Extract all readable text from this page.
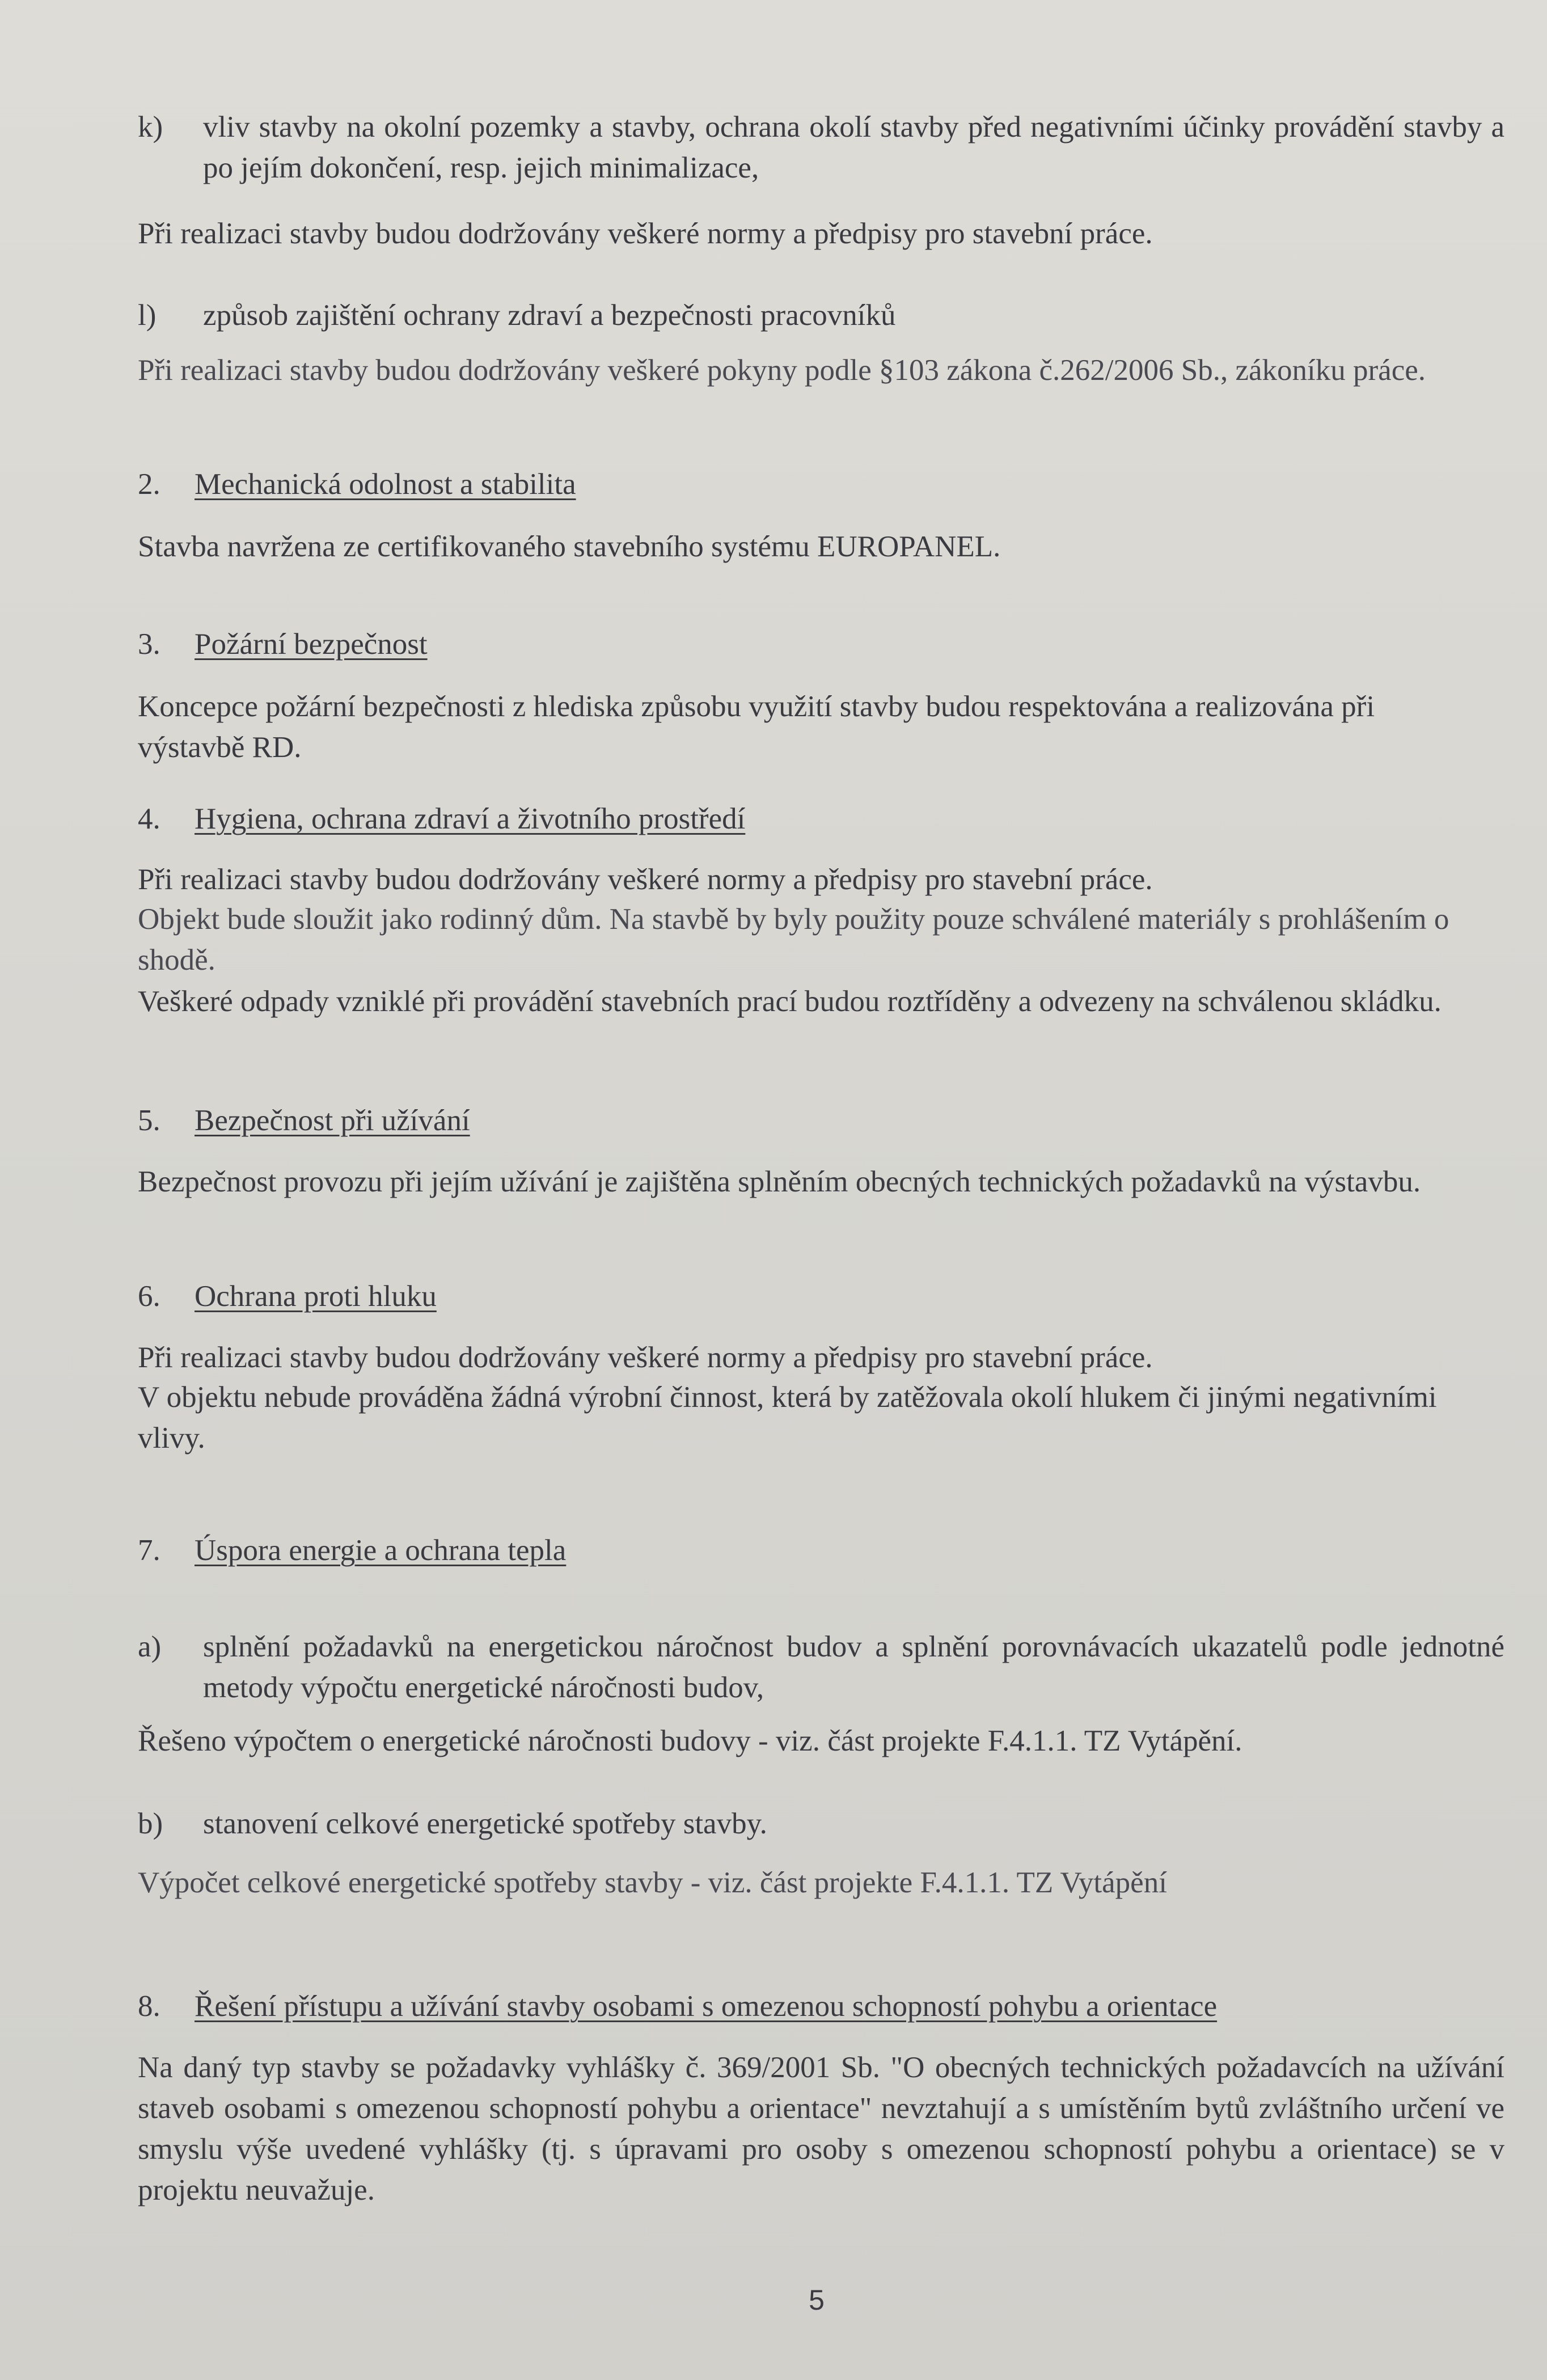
k) vliv stavby na okolní pozemky a stavby, ochrana okolí stavby před negativními účinky provádění stavby a po jejím dokončení, resp. jejich minimalizace,

Při realizaci stavby budou dodržovány veškeré normy a předpisy pro stavební práce.

l) způsob zajištění ochrany zdraví a bezpečnosti pracovníků

Při realizaci stavby budou dodržovány veškeré pokyny podle §103 zákona č.262/2006 Sb., zákoníku práce.

2. Mechanická odolnost a stabilita

Stavba navržena ze certifikovaného stavebního systému EUROPANEL.

3. Požární bezpečnost

Koncepce požární bezpečnosti z hlediska způsobu využití stavby budou respektována a realizována při výstavbě RD.

4. Hygiena, ochrana zdraví a životního prostředí

Při realizaci stavby budou dodržovány veškeré normy a předpisy pro stavební práce.

Objekt bude sloužit jako rodinný dům. Na stavbě by byly použity pouze schválené materiály s prohlášením o shodě.

Veškeré odpady vzniklé při provádění stavebních prací budou roztříděny a odvezeny na schválenou skládku.

5. Bezpečnost při užívání

Bezpečnost provozu při jejím užívání je zajištěna splněním obecných technických požadavků na výstavbu.

6. Ochrana proti hluku

Při realizaci stavby budou dodržovány veškeré normy a předpisy pro stavební práce.

V objektu nebude prováděna žádná výrobní činnost, která by zatěžovala okolí hlukem či jinými negativními vlivy.

7. Úspora energie a ochrana tepla
a) splnění požadavků na energetickou náročnost budov a splnění porovnávacích ukazatelů podle jednotné metody výpočtu energetické náročnosti budov,

Řešeno výpočtem o energetické náročnosti budovy - viz. část projekte F.4.1.1. TZ Vytápění.

b) stanovení celkové energetické spotřeby stavby.

Výpočet celkové energetické spotřeby stavby - viz. část projekte F.4.1.1. TZ Vytápění

8. Řešení přístupu a užívání stavby osobami s omezenou schopností pohybu a orientace

Na daný typ stavby se požadavky vyhlášky č. 369/2001 Sb. "O obecných technických požadavcích na užívání staveb osobami s omezenou schopností pohybu a orientace" nevztahují a s umístěním bytů zvláštního určení ve smyslu výše uvedené vyhlášky (tj. s úpravami pro osoby s omezenou schopností pohybu a orientace) se v projektu neuvažuje.

5
